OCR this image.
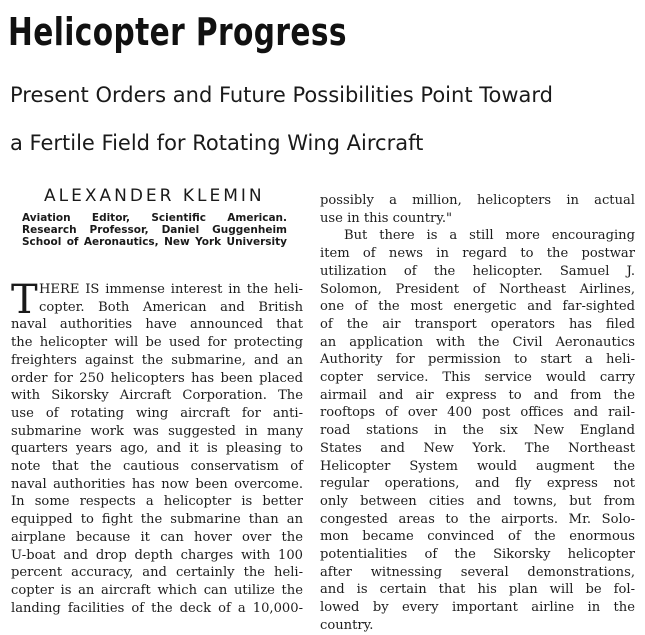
Helicopter Progress
Present Orders and Future Possibilities Point Toward
a Fertile Field for Rotating Wing Aircraft
ALEXANDER KLEMIN
Aviation Editor, Scientific American.
Research Professor, Daniel Guggenheim
School of Aeronautics, New York University
T HERE IS immense interest in the heli-
copter. Both American and British
naval authorities have announced that
the helicopter will be used for protecting
freighters against the submarine, and an
order for 250 helicopters has been placed
with Sikorsky Aircraft Corporation. The
use of rotating wing aircraft for anti-
submarine work was suggested in many
quarters years ago, and it is pleasing to
note that the cautious conservatism of
naval authorities has now been overcome.
In some respects a helicopter is better
equipped to fight the submarine than an
airplane because it can hover over the
U-boat and drop depth charges with 100
percent accuracy, and certainly the heli-
copter is an aircraft which can utilize the
landing facilities of the deck of a 10,000-
possibly a million, helicopters in actual
use in this country."
But there is a still more encouraging
item of news in regard to the postwar
utilization of the helicopter. Samuel J.
Solomon, President of Northeast Airlines,
one of the most energetic and far-sighted
of the air transport operators has filed
an application with the Civil Aeronautics
Authority for permission to start a heli-
copter service. This service would carry
airmail and air express to and from the
rooftops of over 400 post offices and rail-
road stations in the six New England
States and New York. The Northeast
Helicopter System would augment the
regular operations, and fly express not
only between cities and towns, but from
congested areas to the airports. Mr. Solo-
mon became convinced of the enormous
potentialities of the Sikorsky helicopter
after witnessing several demonstrations,
and is certain that his plan will be fol-
lowed by every important airline in the
country.
